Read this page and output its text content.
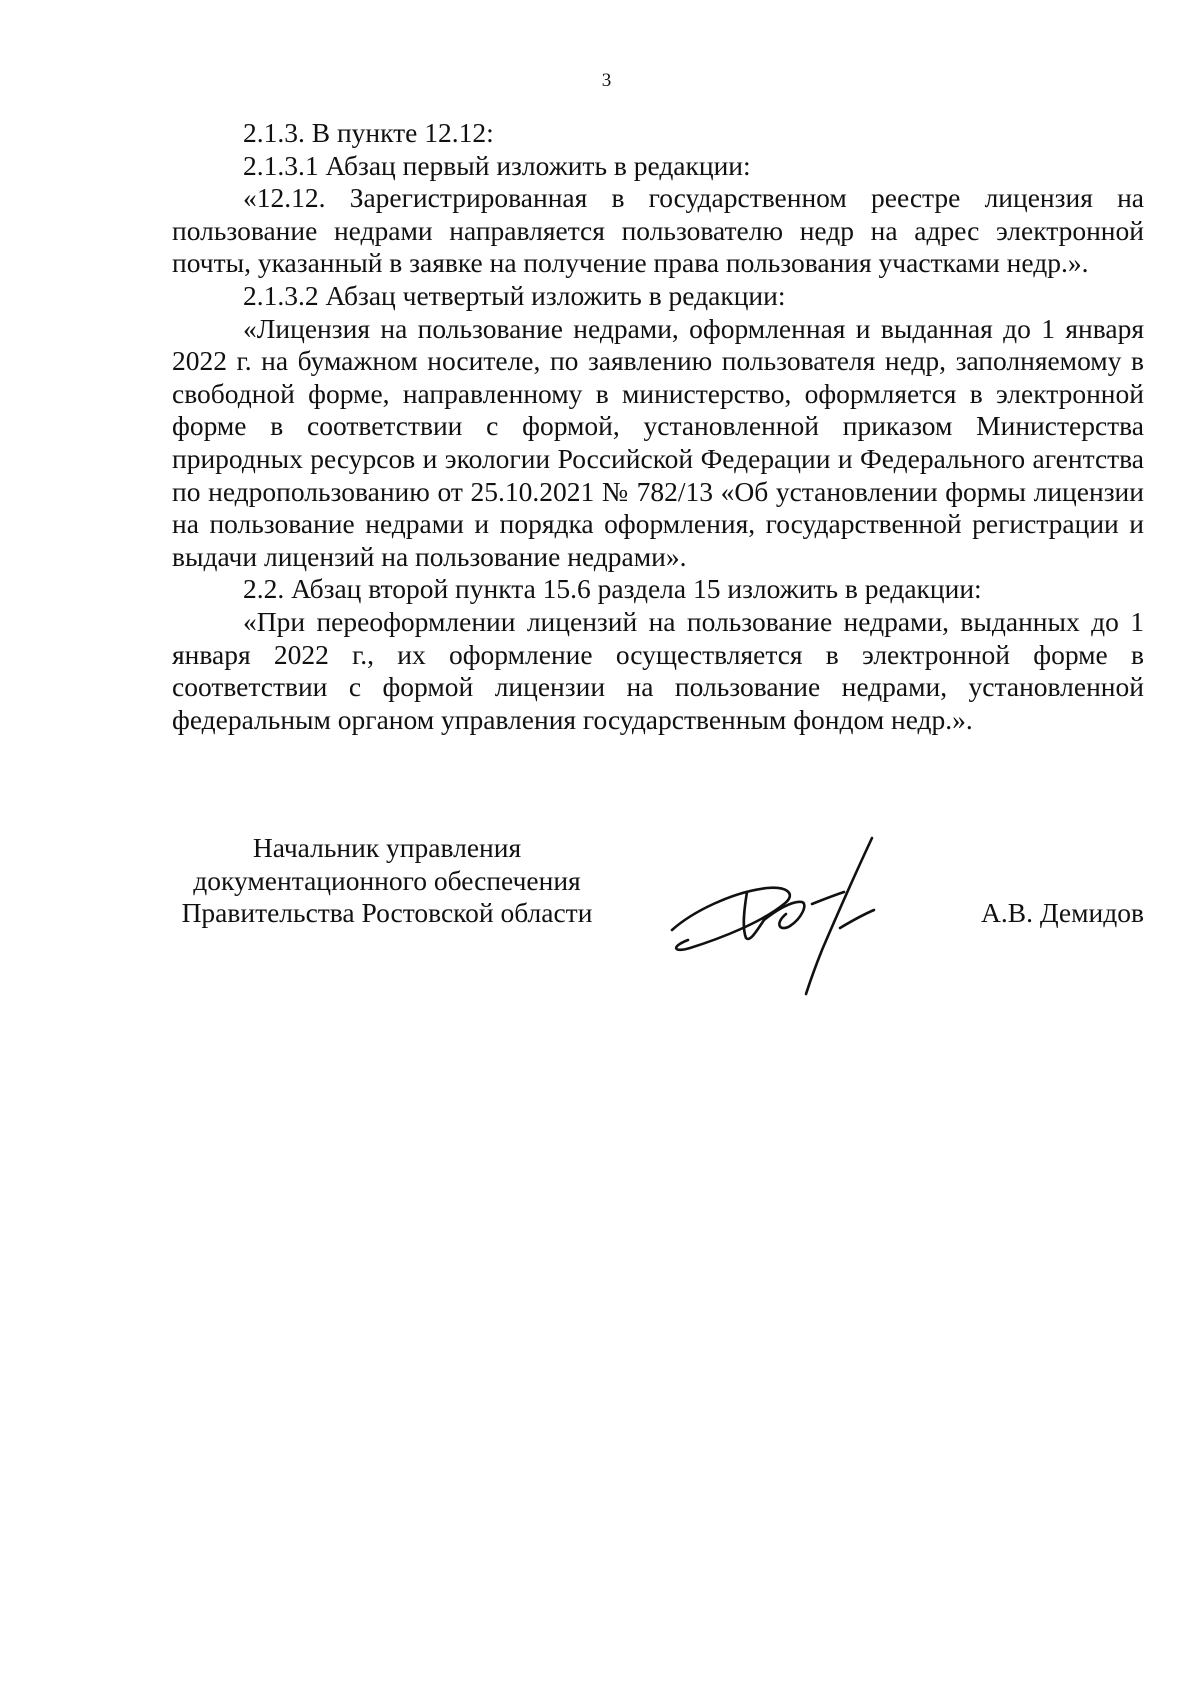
3

2.1.3. В пункте 12.12:

2.1.3.1 Абзац первый изложить в редакции:

«12.12. Зарегистрированная в государственном реестре лицензия на пользование недрами направляется пользователю недр на адрес электронной почты, указанный в заявке на получение права пользования участками недр.».

2.1.3.2 Абзац четвертый изложить в редакции:

«Лицензия на пользование недрами, оформленная и выданная до 1 января 2022 г. на бумажном носителе, по заявлению пользователя недр, заполняемому в свободной форме, направленному в министерство, оформляется в электронной форме в соответствии с формой, установленной приказом Министерства природных ресурсов и экологии Российской Федерации и Федерального агентства по недропользованию от 25.10.2021 № 782/13 «Об установлении формы лицензии на пользование недрами и порядка оформления, государственной регистрации и выдачи лицензий на пользование недрами».

2.2. Абзац второй пункта 15.6 раздела 15 изложить в редакции:

«При переоформлении лицензий на пользование недрами, выданных до 1 января 2022 г., их оформление осуществляется в электронной форме в соответствии с формой лицензии на пользование недрами, установленной федеральным органом управления государственным фондом недр.».

Начальник управления
документационного обеспечения
Правительства Ростовской области	А.В. Демидов
